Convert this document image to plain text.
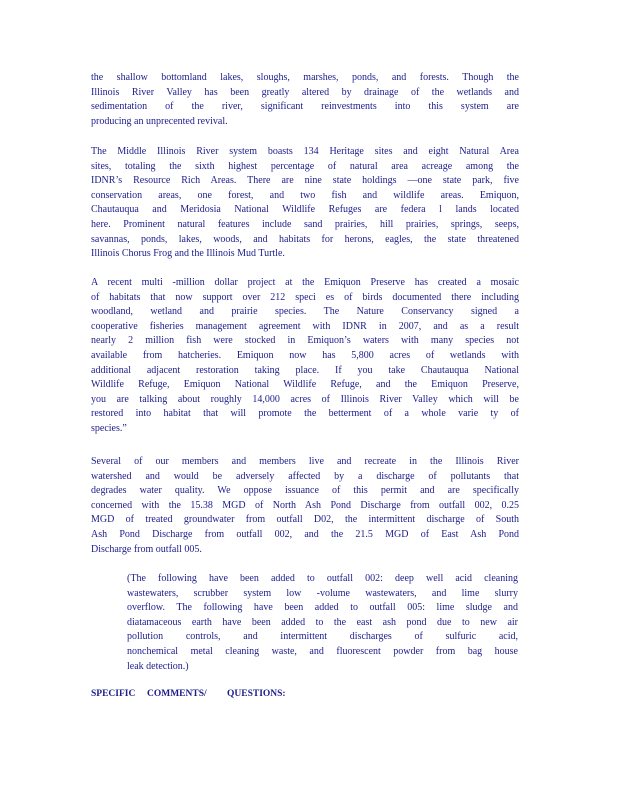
the shallow bottomland lakes, sloughs, marshes, ponds, and forests. Though the
Illinois River Valley has been greatly altered by drainage of the wetlands and
sedimentation of the river, significant reinvestments into this system are
producing an unprecented revival.
The Middle Illinois River system boasts 134 Heritage sites and eight Natural Area
sites, totaling the sixth highest percentage of natural area acreage among the
IDNR’s Resource Rich Areas. There are nine state holdings —one state park, five
conservation areas, one forest, and two fish and wildlife areas. Emiquon,
Chautauqua and Meridosia National Wildlife Refuges are federa l lands located
here. Prominent natural features include sand prairies, hill prairies, springs, seeps,
savannas, ponds, lakes, woods, and habitats for herons, eagles, the state threatened
Illinois Chorus Frog and the Illinois Mud Turtle.
A recent multi ‐million dollar project at the Emiquon Preserve has created a mosaic
of habitats that now support over 212 speci es of birds documented there including
woodland, wetland and prairie species. The Nature Conservancy signed a
cooperative fisheries management agreement with IDNR in 2007, and as a result
nearly 2 million fish were stocked in Emiquon’s waters with many species not
available from hatcheries. Emiquon now has 5,800 acres of wetlands with
additional adjacent restoration taking place. If you take Chautauqua National
Wildlife Refuge, Emiquon National Wildlife Refuge, and the Emiquon Preserve,
you are talking about roughly 14,000 acres of Illinois River Valley which will be
restored into habitat that will promote the betterment of a whole varie ty of
species.”
Several of our members and members live and recreate in the Illinois River
watershed and would be adversely affected by a discharge of pollutants that
degrades water quality. We oppose issuance of this permit and are specifically
concerned with the 15.38 MGD of North Ash Pond Discharge from outfall 002, 0.25
MGD of treated groundwater from outfall D02, the intermittent discharge of South
Ash Pond Discharge from outfall 002, and the 21.5 MGD of East Ash Pond
Discharge from outfall 005.
(The following have been added to outfall 002: deep well acid cleaning
wastewaters, scrubber system low ‐volume wastewaters, and lime slurry
overflow. The following have been added to outfall 005: lime sludge and
diatamaceous earth have been added to the east ash pond due to new air
pollution controls, and intermittent discharges of sulfuric acid,
nonchemical metal cleaning waste, and fluorescent powder from bag house
leak detection.)
SPECIFIC	COMMENTS/	QUESTIONS:
